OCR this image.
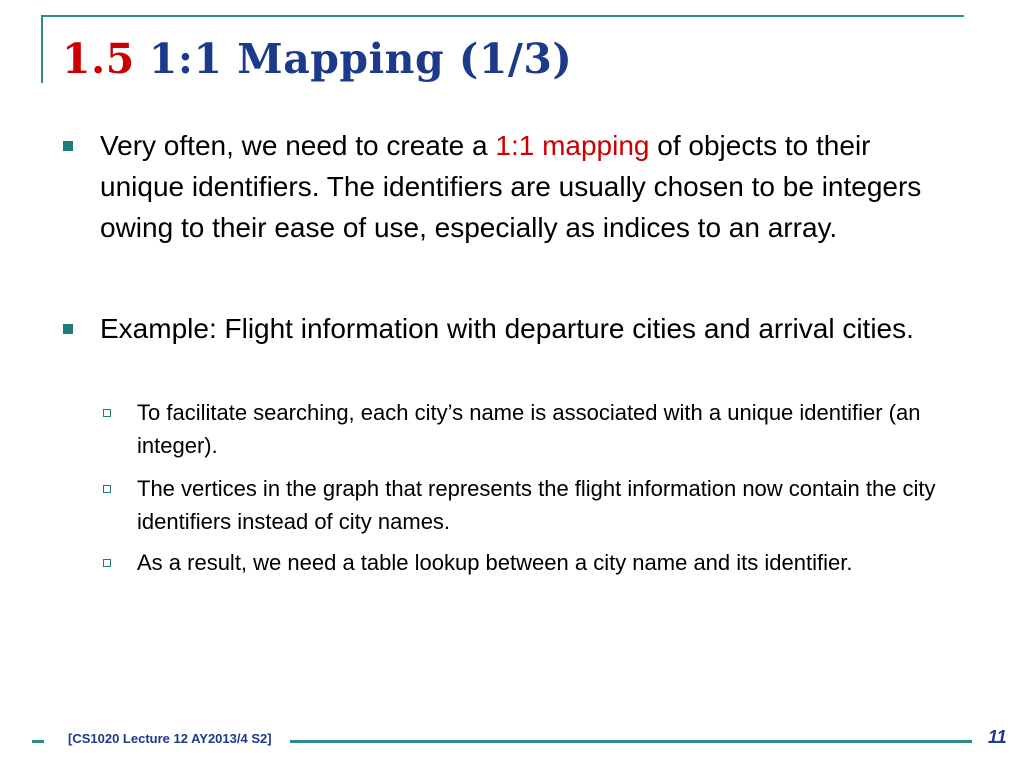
1.5 1:1 Mapping (1/3)
Very often, we need to create a 1:1 mapping of objects to their unique identifiers. The identifiers are usually chosen to be integers owing to their ease of use, especially as indices to an array.
Example: Flight information with departure cities and arrival cities.
To facilitate searching, each city’s name is associated with a unique identifier (an integer).
The vertices in the graph that represents the flight information now contain the city identifiers instead of city names.
As a result, we need a table lookup between a city name and its identifier.
[CS1020 Lecture 12 AY2013/4 S2]	11
